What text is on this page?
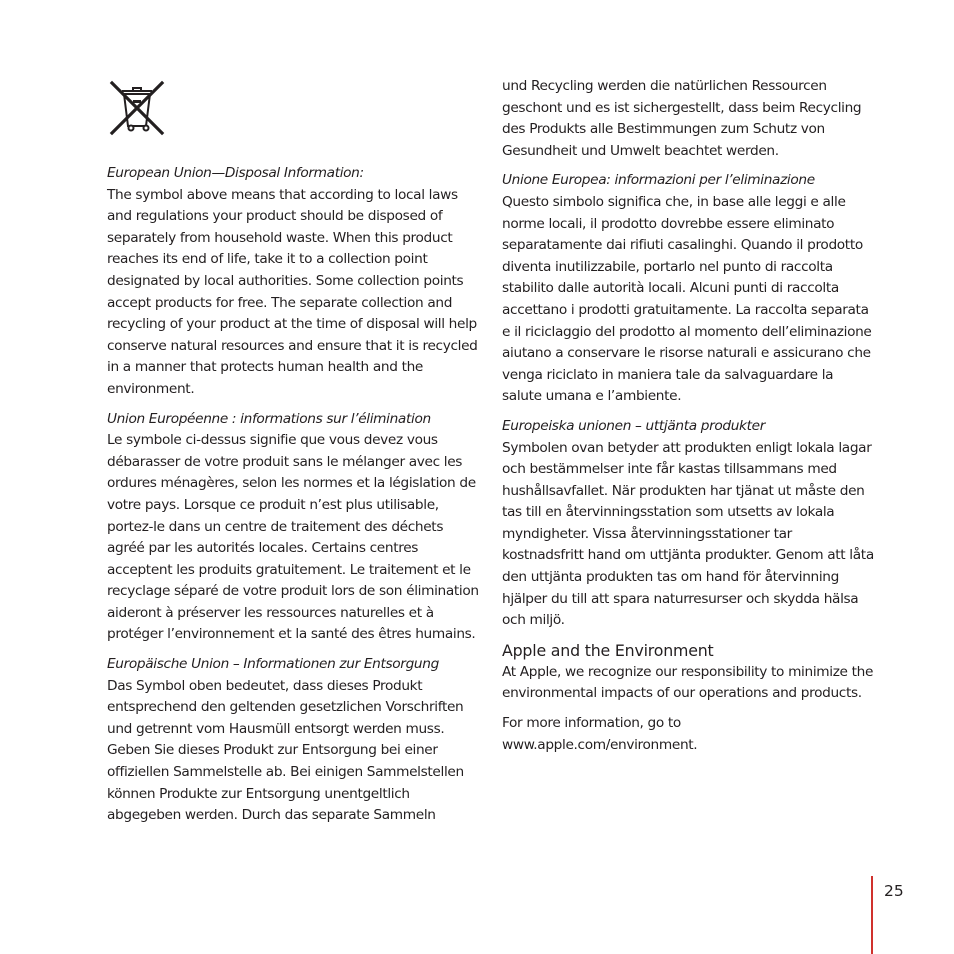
European Union—Disposal Information:

The symbol above means that according to local laws and regulations your product should be disposed of separately from household waste. When this product reaches its end of life, take it to a collection point designated by local authorities. Some collection points accept products for free. The separate collection and recycling of your product at the time of disposal will help conserve natural resources and ensure that it is recycled in a manner that protects human health and the environment.

Union Européenne : informations sur l’élimination

Le symbole ci-dessus signifie que vous devez vous débarasser de votre produit sans le mélanger avec les ordures ménagères, selon les normes et la législation de votre pays. Lorsque ce produit n’est plus utilisable, portez-le dans un centre de traitement des déchets agréé par les autorités locales. Certains centres acceptent les produits gratuitement. Le traitement et le recyclage séparé de votre produit lors de son élimination aideront à préserver les ressources naturelles et à protéger l’environnement et la santé des êtres humains.

Europäische Union – Informationen zur Entsorgung

Das Symbol oben bedeutet, dass dieses Produkt entsprechend den geltenden gesetzlichen Vorschriften und getrennt vom Hausmüll entsorgt werden muss. Geben Sie dieses Produkt zur Entsorgung bei einer offiziellen Sammelstelle ab. Bei einigen Sammelstellen können Produkte zur Entsorgung unentgeltlich abgegeben werden. Durch das separate Sammeln

und Recycling werden die natürlichen Ressourcen geschont und es ist sichergestellt, dass beim Recycling des Produkts alle Bestimmungen zum Schutz von Gesundheit und Umwelt beachtet werden.

Unione Europea: informazioni per l’eliminazione

Questo simbolo significa che, in base alle leggi e alle norme locali, il prodotto dovrebbe essere eliminato separatamente dai rifiuti casalinghi. Quando il prodotto diventa inutilizzabile, portarlo nel punto di raccolta stabilito dalle autorità locali. Alcuni punti di raccolta accettano i prodotti gratuitamente. La raccolta separata e il riciclaggio del prodotto al momento dell’eliminazione aiutano a conservare le risorse naturali e assicurano che venga riciclato in maniera tale da salvaguardare la salute umana e l’ambiente.

Europeiska unionen – uttjänta produkter

Symbolen ovan betyder att produkten enligt lokala lagar och bestämmelser inte får kastas tillsammans med hushållsavfallet. När produkten har tjänat ut måste den tas till en återvinningsstation som utsetts av lokala myndigheter. Vissa återvinningsstationer tar kostnadsfritt hand om uttjänta produkter. Genom att låta den uttjänta produkten tas om hand för återvinning hjälper du till att spara naturresurser och skydda hälsa och miljö.

Apple and the Environment

At Apple, we recognize our responsibility to minimize the environmental impacts of our operations and products.

For more information, go to www.apple.com/environment.

25
